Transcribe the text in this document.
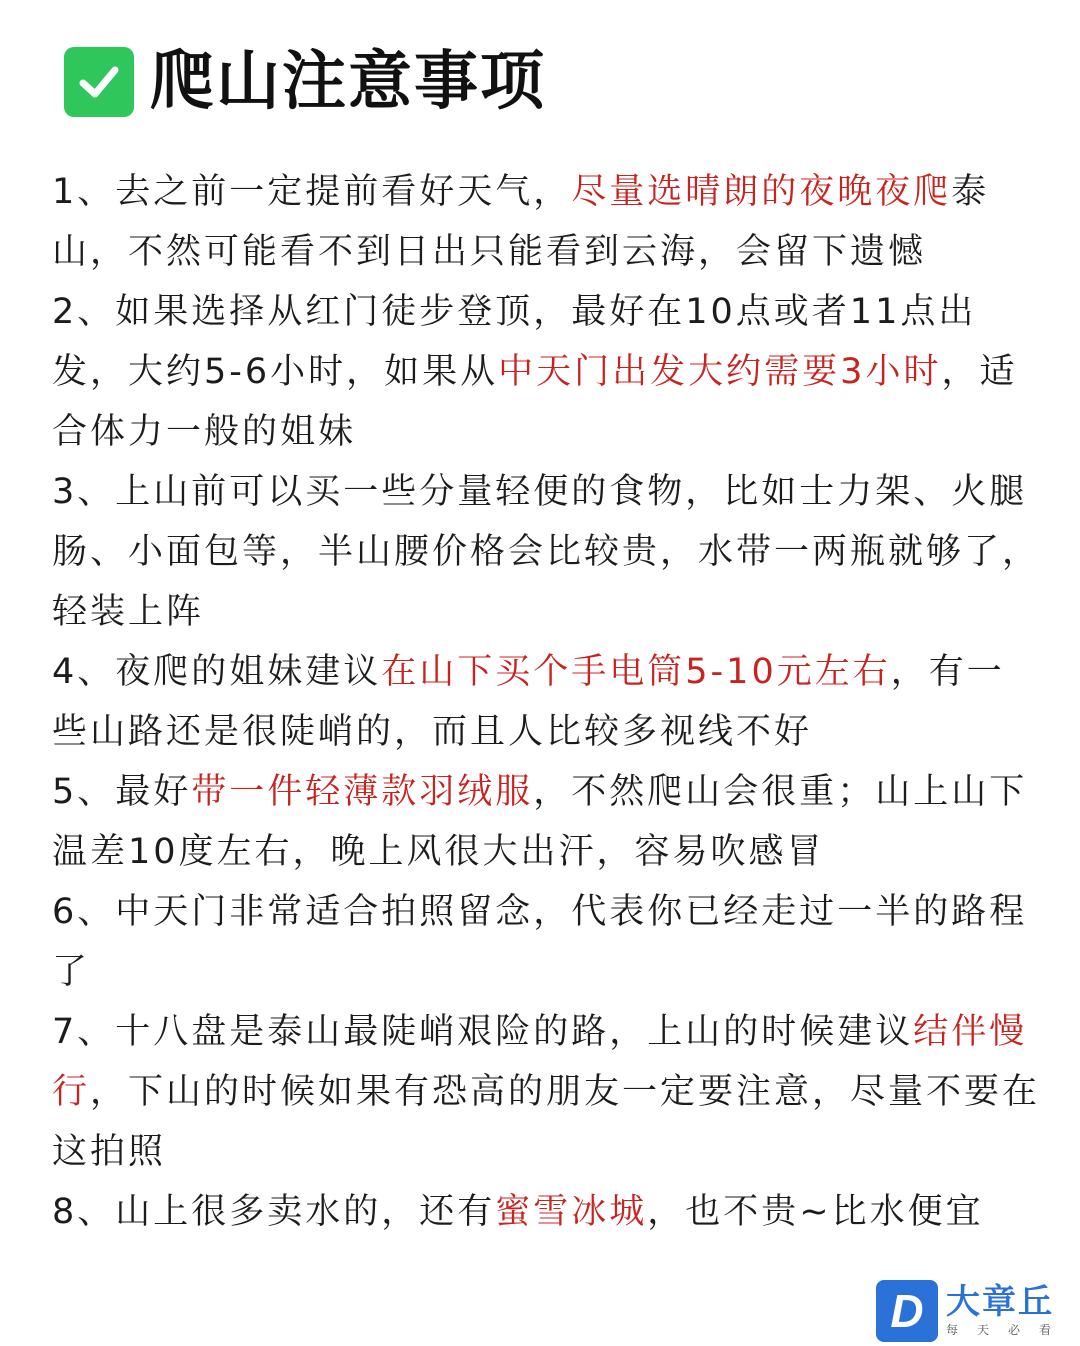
爬山注意事项

1、去之前一定提前看好天气，尽量选晴朗的夜晚夜爬泰山，不然可能看不到日出只能看到云海，会留下遗憾

2、如果选择从红门徒步登顶，最好在10点或者11点出发，大约5-6小时，如果从中天门出发大约需要3小时，适合体力一般的姐妹

3、上山前可以买一些分量轻便的食物，比如士力架、火腿肠、小面包等，半山腰价格会比较贵，水带一两瓶就够了，轻装上阵

4、夜爬的姐妹建议在山下买个手电筒5-10元左右，有一些山路还是很陡峭的，而且人比较多视线不好

5、最好带一件轻薄款羽绒服，不然爬山会很重；山上山下温差10度左右，晚上风很大出汗，容易吹感冒

6、中天门非常适合拍照留念，代表你已经走过一半的路程了

7、十八盘是泰山最陡峭艰险的路，上山的时候建议结伴慢行，下山的时候如果有恐高的朋友一定要注意，尽量不要在这拍照

8、山上很多卖水的，还有蜜雪冰城，也不贵~比水便宜

D 大章丘
每天必看
